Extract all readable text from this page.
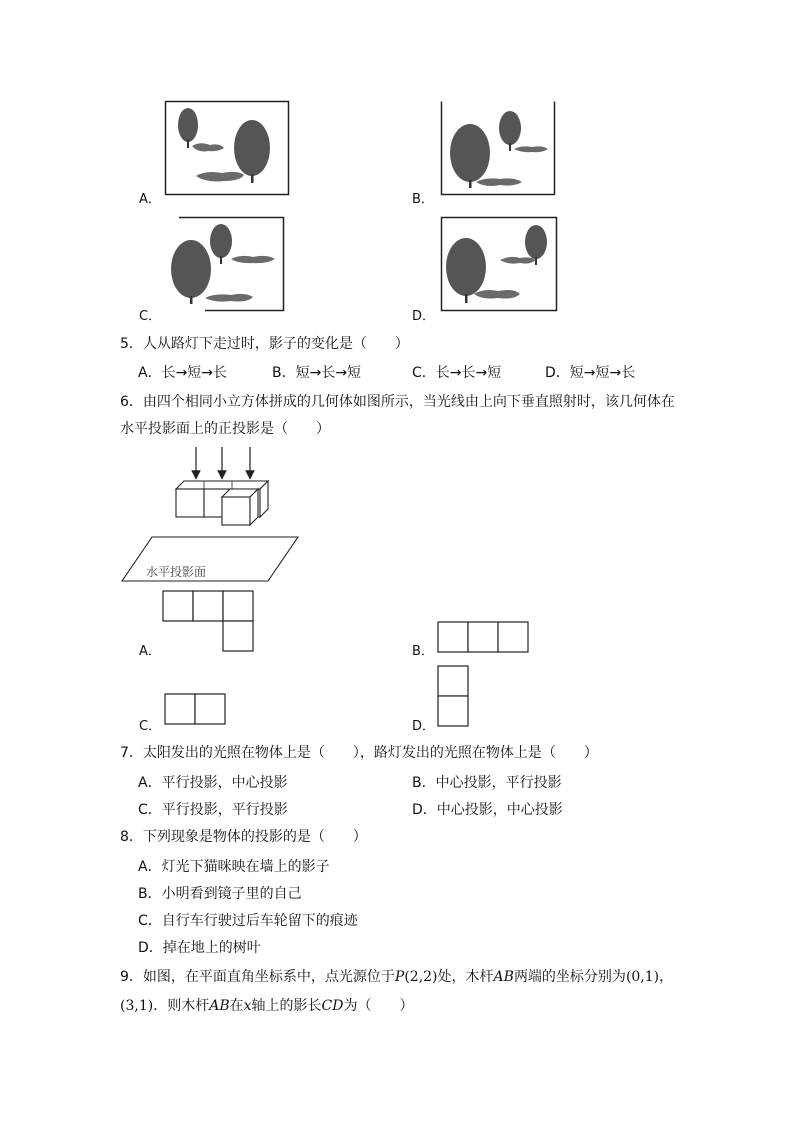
A．	B．
C．	D．
5．人从路灯下走过时，影子的变化是（　　）
A．长→短→长	B．短→长→短	C．长→长→短	D．短→短→长
6．由四个相同小立方体拼成的几何体如图所示，当光线由上向下垂直照射时，该几何体在
水平投影面上的正投影是（　　）
水平投影面
A．	B．
C．	D．
7．太阳发出的光照在物体上是（　　），路灯发出的光照在物体上是（　　）
A．平行投影，中心投影	B．中心投影，平行投影
C．平行投影，平行投影	D．中心投影，中心投影
8．下列现象是物体的投影的是（　　）
A．灯光下猫咪映在墙上的影子
B．小明看到镜子里的自己
C．自行车行驶过后车轮留下的痕迹
D．掉在地上的树叶
9．如图，在平面直角坐标系中，点光源位于P(2,2)处，木杆AB两端的坐标分别为(0,1)，
(3,1)．则木杆AB在x轴上的影长CD为（　　）
